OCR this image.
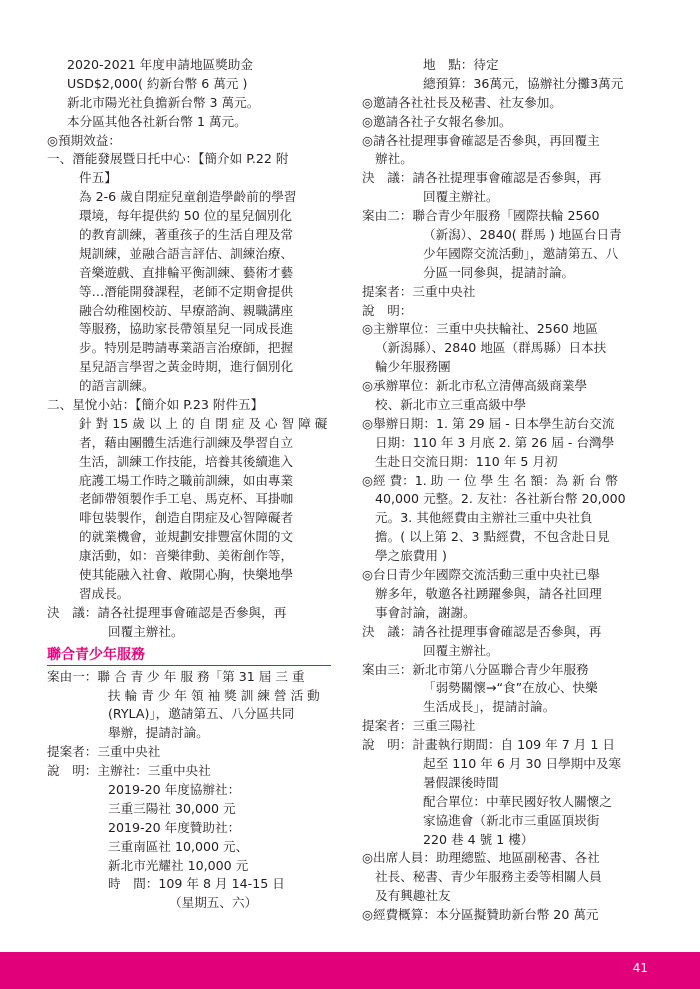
2020-2021 年度申請地區獎助金
USD$2,000( 約新台幣 6 萬元 )
新北市陽光社負擔新台幣 3 萬元。
本分區其他各社新台幣 1 萬元。
◎預期效益：
一、潛能發展暨日托中心：【簡介如 P.22 附
件五】
為 2-6 歲自閉症兒童創造學齡前的學習
環境，每年提供約 50 位的星兒個別化
的教育訓練，著重孩子的生活自理及常
規訓練，並融合語言評估、訓練治療、
音樂遊戲、直排輪平衡訓練、藝術才藝
等…潛能開發課程，老師不定期會提供
融合幼稚園校訪、早療諮詢、親職講座
等服務，協助家長帶領星兒一同成長進
步。特別是聘請專業語言治療師，把握
星兒語言學習之黃金時期，進行個別化
的語言訓練。
二、星悅小站：【簡介如 P.23 附件五】
針 對 15 歲 以 上 的 自 閉 症 及 心 智 障 礙
者，藉由團體生活進行訓練及學習自立
生活，訓練工作技能，培養其後續進入
庇護工場工作時之職前訓練，如由專業
老師帶領製作手工皂、馬克杯、耳掛咖
啡包裝製作，創造自閉症及心智障礙者
的就業機會，並規劃安排豐富休閒的文
康活動，如：音樂律動、美術創作等，
使其能融入社會、敞開心胸，快樂地學
習成長。
決　議：請各社提理事會確認是否參與，再
回覆主辦社。
聯合青少年服務
案由一：聯 合 青 少 年 服 務「第 31 屆 三 重
扶 輪 青 少 年 領 袖 獎 訓 練 營 活 動
(RYLA)」，邀請第五、八分區共同
舉辦，提請討論。
提案者：三重中央社
說　明：主辦社：三重中央社
2019-20 年度協辦社：
三重三陽社 30,000 元
2019-20 年度贊助社：
三重南區社 10,000 元、
新北市光耀社 10,000 元
時　間：109 年 8 月 14-15 日
（星期五、六）
地　點：待定
總預算：36萬元，協辦社分攤3萬元
◎邀請各社社長及秘書、社友參加。
◎邀請各社子女報名參加。
◎請各社提理事會確認是否參與，再回覆主
辦社。
決　議：請各社提理事會確認是否參與，再
回覆主辦社。
案由二：聯合青少年服務「國際扶輪 2560
（新潟）、2840( 群馬 ) 地區台日青
少年國際交流活動」，邀請第五、八
分區一同參與，提請討論。
提案者：三重中央社
說　明：
◎主辦單位：三重中央扶輪社、2560 地區
（新潟縣）、2840 地區（群馬縣）日本扶
輪少年服務團
◎承辦單位：新北市私立清傳高級商業學
校、新北市立三重高級中學
◎舉辦日期：1. 第 29 屆 - 日本學生訪台交流
日期：110 年 3 月底 2. 第 26 屆 - 台灣學
生赴日交流日期：110 年 5 月初
◎經 費：1. 助 一 位 學 生 名 額：為 新 台 幣
40,000 元整。2. 友社：各社新台幣 20,000
元。3. 其他經費由主辦社三重中央社負
擔。( 以上第 2、3 點經費，不包含赴日見
學之旅費用 )
◎台日青少年國際交流活動三重中央社已舉
辦多年，敬邀各社踴躍參與，請各社回理
事會討論，謝謝。
決　議：請各社提理事會確認是否參與，再
回覆主辦社。
案由三：新北市第八分區聯合青少年服務
「弱勢關懷→“食”在放心、快樂
生活成長」，提請討論。
提案者：三重三陽社
說　明：計畫執行期間：自 109 年 7 月 1 日
起至 110 年 6 月 30 日學期中及寒
暑假課後時間
配合單位：中華民國好牧人關懷之
家協進會（新北市三重區頂崁街
220 巷 4 號 1 樓）
◎出席人員：助理總監、地區副秘書、各社
社長、秘書、青少年服務主委等相關人員
及有興趣社友
◎經費概算：本分區擬贊助新台幣 20 萬元
41
